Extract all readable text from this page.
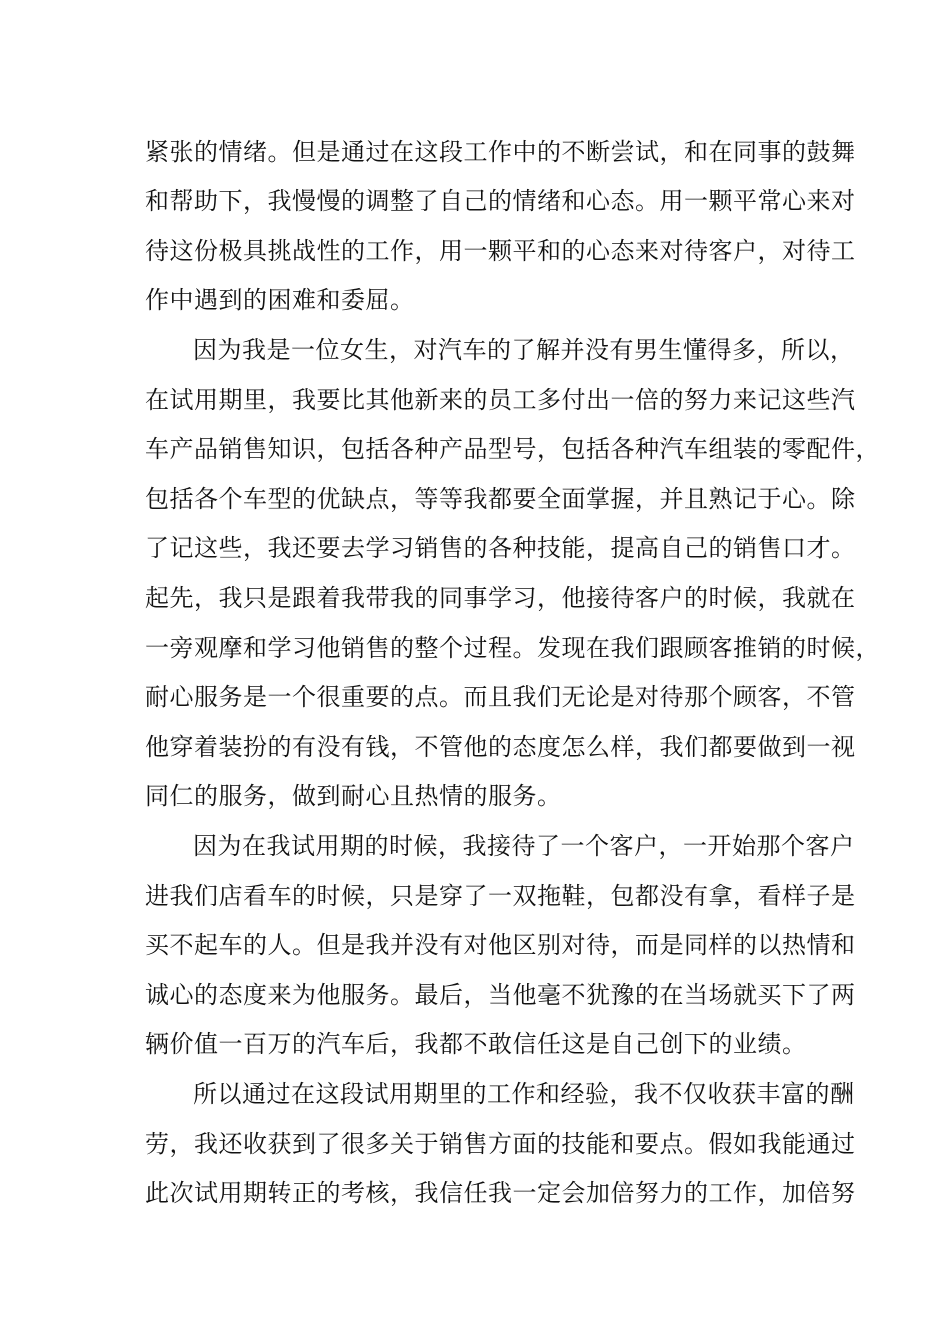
紧张的情绪。但是通过在这段工作中的不断尝试，和在同事的鼓舞
和帮助下，我慢慢的调整了自己的情绪和心态。用一颗平常心来对
待这份极具挑战性的工作，用一颗平和的心态来对待客户，对待工
作中遇到的困难和委屈。
因为我是一位女生，对汽车的了解并没有男生懂得多，所以，
在试用期里，我要比其他新来的员工多付出一倍的努力来记这些汽
车产品销售知识，包括各种产品型号，包括各种汽车组装的零配件，
包括各个车型的优缺点，等等我都要全面掌握，并且熟记于心。除
了记这些，我还要去学习销售的各种技能，提高自己的销售口才。
起先，我只是跟着我带我的同事学习，他接待客户的时候，我就在
一旁观摩和学习他销售的整个过程。发现在我们跟顾客推销的时候，
耐心服务是一个很重要的点。而且我们无论是对待那个顾客，不管
他穿着装扮的有没有钱，不管他的态度怎么样，我们都要做到一视
同仁的服务，做到耐心且热情的服务。
因为在我试用期的时候，我接待了一个客户，一开始那个客户
进我们店看车的时候，只是穿了一双拖鞋，包都没有拿，看样子是
买不起车的人。但是我并没有对他区别对待，而是同样的以热情和
诚心的态度来为他服务。最后，当他毫不犹豫的在当场就买下了两
辆价值一百万的汽车后，我都不敢信任这是自己创下的业绩。
所以通过在这段试用期里的工作和经验，我不仅收获丰富的酬
劳，我还收获到了很多关于销售方面的技能和要点。假如我能通过
此次试用期转正的考核，我信任我一定会加倍努力的工作，加倍努
